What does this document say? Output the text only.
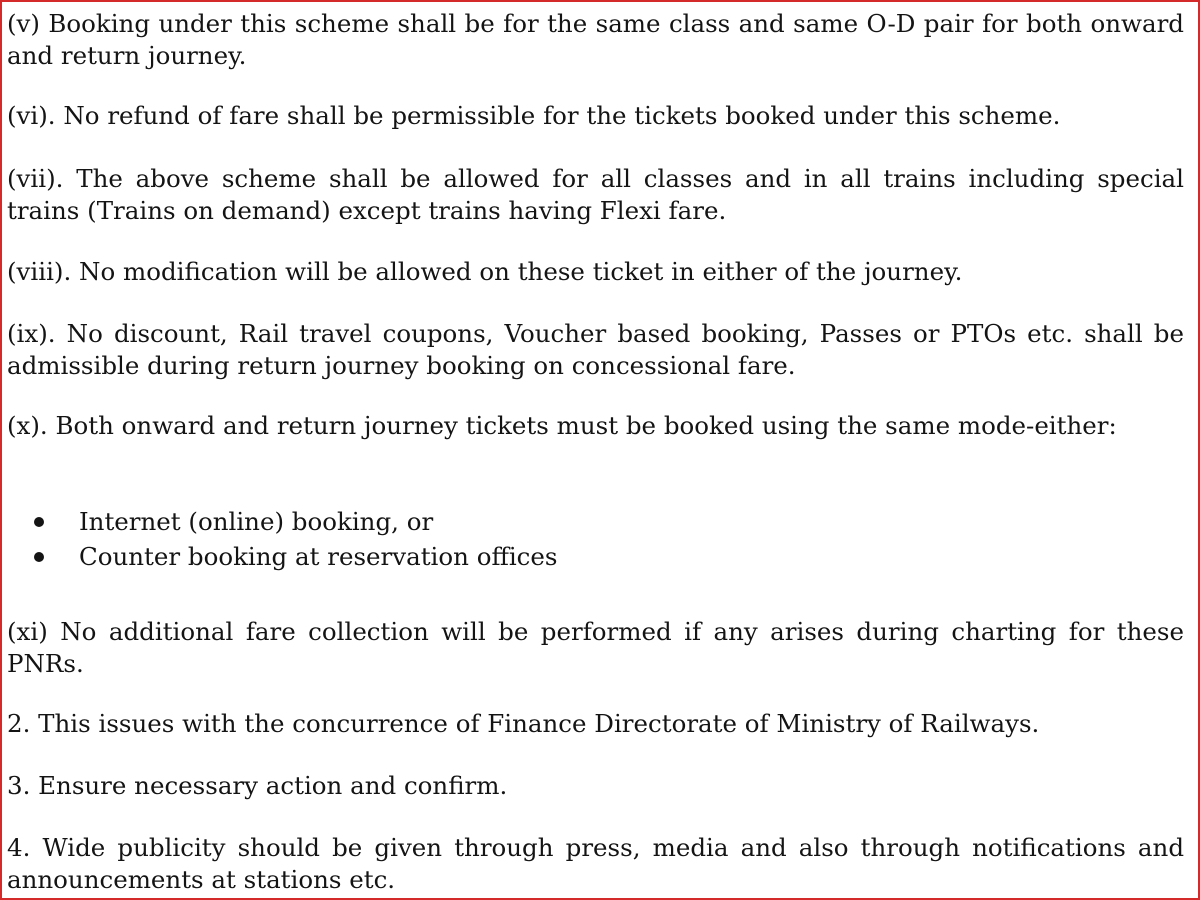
(v) Booking under this scheme shall be for the same class and same O-D pair for both onward and return journey.

(vi). No refund of fare shall be permissible for the tickets booked under this scheme.

(vii). The above scheme shall be allowed for all classes and in all trains including special trains (Trains on demand) except trains having Flexi fare.

(viii). No modification will be allowed on these ticket in either of the journey.

(ix). No discount, Rail travel coupons, Voucher based booking, Passes or PTOs etc. shall be admissible during return journey booking on concessional fare.

(x). Both onward and return journey tickets must be booked using the same mode-either:

Internet (online) booking, or
Counter booking at reservation offices

(xi) No additional fare collection will be performed if any arises during charting for these PNRs.

2. This issues with the concurrence of Finance Directorate of Ministry of Railways.

3. Ensure necessary action and confirm.

4. Wide publicity should be given through press, media and also through notifications and announcements at stations etc.
